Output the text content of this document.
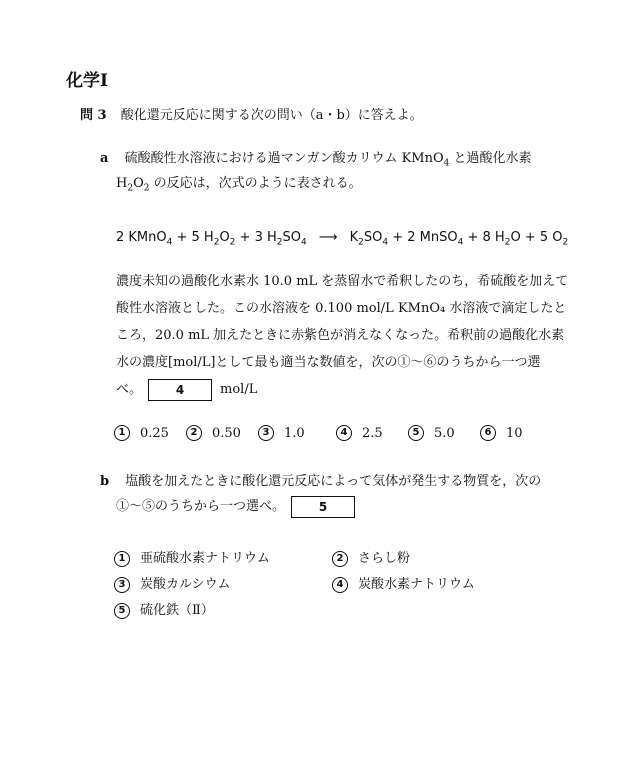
化学Ⅰ
問 3 酸化還元反応に関する次の問い（a・b）に答えよ。
a 硫酸酸性水溶液における過マンガン酸カリウム KMnO$_4$ と過酸化水素
$H_2O_2$ の反応は，次式のように表される。
2 KMnO$_4$ + 5 $H_2O_2 + 3$ $H_2SO_4$ ⟶ $K_2SO_4 + 2$ MnSO$_4$ + 8 $H_2O + 5$ $O_2$
濃度未知の過酸化水素水 10.0 mL を蒸留水で希釈したのち，希硫酸を加えて
酸性水溶液とした。この水溶液を 0.100 mol/L KMnO₄ 水溶液で滴定したと
ころ，20.0 mL 加えたときに赤紫色が消えなくなった。希釈前の過酸化水素
水の濃度[mol/L]として最も適当な数値を，次の①～⑥のうちから一つ選
べ。	4	mol/L
1 0.25	2 0.50	3 1.0	4 2.5	5 5.0	6 10
b 塩酸を加えたときに酸化還元反応によって気体が発生する物質を，次の
①～⑤のうちから一つ選べ。	5
1 亜硫酸水素ナトリウム	2 さらし粉
3 炭酸カルシウム	4 炭酸水素ナトリウム
5 硫化鉄（Ⅱ）
